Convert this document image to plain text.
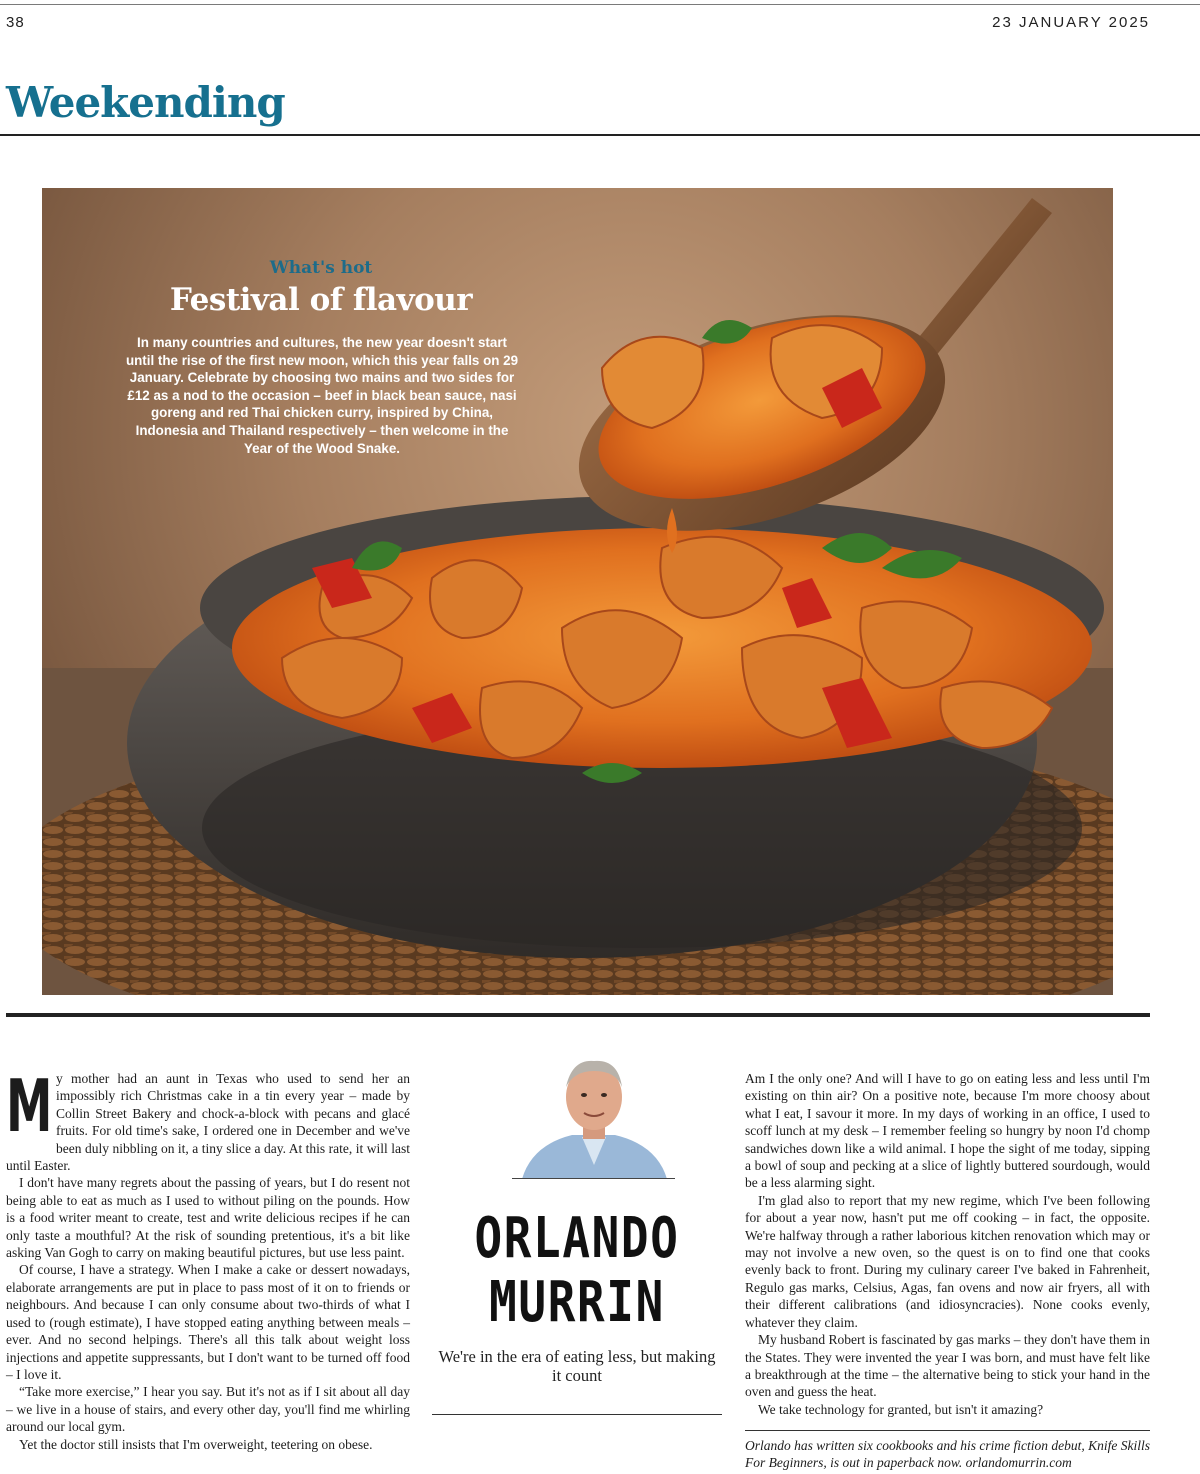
38	23 JANUARY 2025
Weekending
What's hot
Festival of flavour
In many countries and cultures, the new year doesn't start until the rise of the first new moon, which this year falls on 29 January. Celebrate by choosing two mains and two sides for £12 as a nod to the occasion – beef in black bean sauce, nasi goreng and red Thai chicken curry, inspired by China, Indonesia and Thailand respectively – then welcome in the Year of the Wood Snake.
M y mother had an aunt in Texas who used to send her an impossibly rich Christmas cake in a tin every year – made by Collin Street Bakery and chock-a-block with pecans and glacé fruits. For old time's sake, I ordered one in December and we've been duly nibbling on it, a tiny slice a day. At this rate, it will last until Easter.

I don't have many regrets about the passing of years, but I do resent not being able to eat as much as I used to without piling on the pounds. How is a food writer meant to create, test and write delicious recipes if he can only taste a mouthful? At the risk of sounding pretentious, it's a bit like asking Van Gogh to carry on making beautiful pictures, but use less paint.

Of course, I have a strategy. When I make a cake or dessert nowadays, elaborate arrangements are put in place to pass most of it on to friends or neighbours. And because I can only consume about two-thirds of what I used to (rough estimate), I have stopped eating anything between meals – ever. And no second helpings. There's all this talk about weight loss injections and appetite suppressants, but I don't want to be turned off food – I love it.

“Take more exercise,” I hear you say. But it's not as if I sit about all day – we live in a house of stairs, and every other day, you'll find me whirling around our local gym.

Yet the doctor still insists that I'm overweight, teetering on obese.

ORLANDO
MURRIN
We're in the era of eating less, but making it count

Am I the only one? And will I have to go on eating less and less until I'm existing on thin air? On a positive note, because I'm more choosy about what I eat, I savour it more. In my days of working in an office, I used to scoff lunch at my desk – I remember feeling so hungry by noon I'd chomp sandwiches down like a wild animal. I hope the sight of me today, sipping a bowl of soup and pecking at a slice of lightly buttered sourdough, would be a less alarming sight.

I'm glad also to report that my new regime, which I've been following for about a year now, hasn't put me off cooking – in fact, the opposite. We're halfway through a rather laborious kitchen renovation which may or may not involve a new oven, so the quest is on to find one that cooks evenly back to front. During my culinary career I've baked in Fahrenheit, Regulo gas marks, Celsius, Agas, fan ovens and now air fryers, all with their different calibrations (and idiosyncracies). None cooks evenly, whatever they claim.

My husband Robert is fascinated by gas marks – they don't have them in the States. They were invented the year I was born, and must have felt like a breakthrough at the time – the alternative being to stick your hand in the oven and guess the heat.

We take technology for granted, but isn't it amazing?

Orlando has written six cookbooks and his crime fiction debut, Knife Skills For Beginners, is out in paperback now. orlandomurrin.com
